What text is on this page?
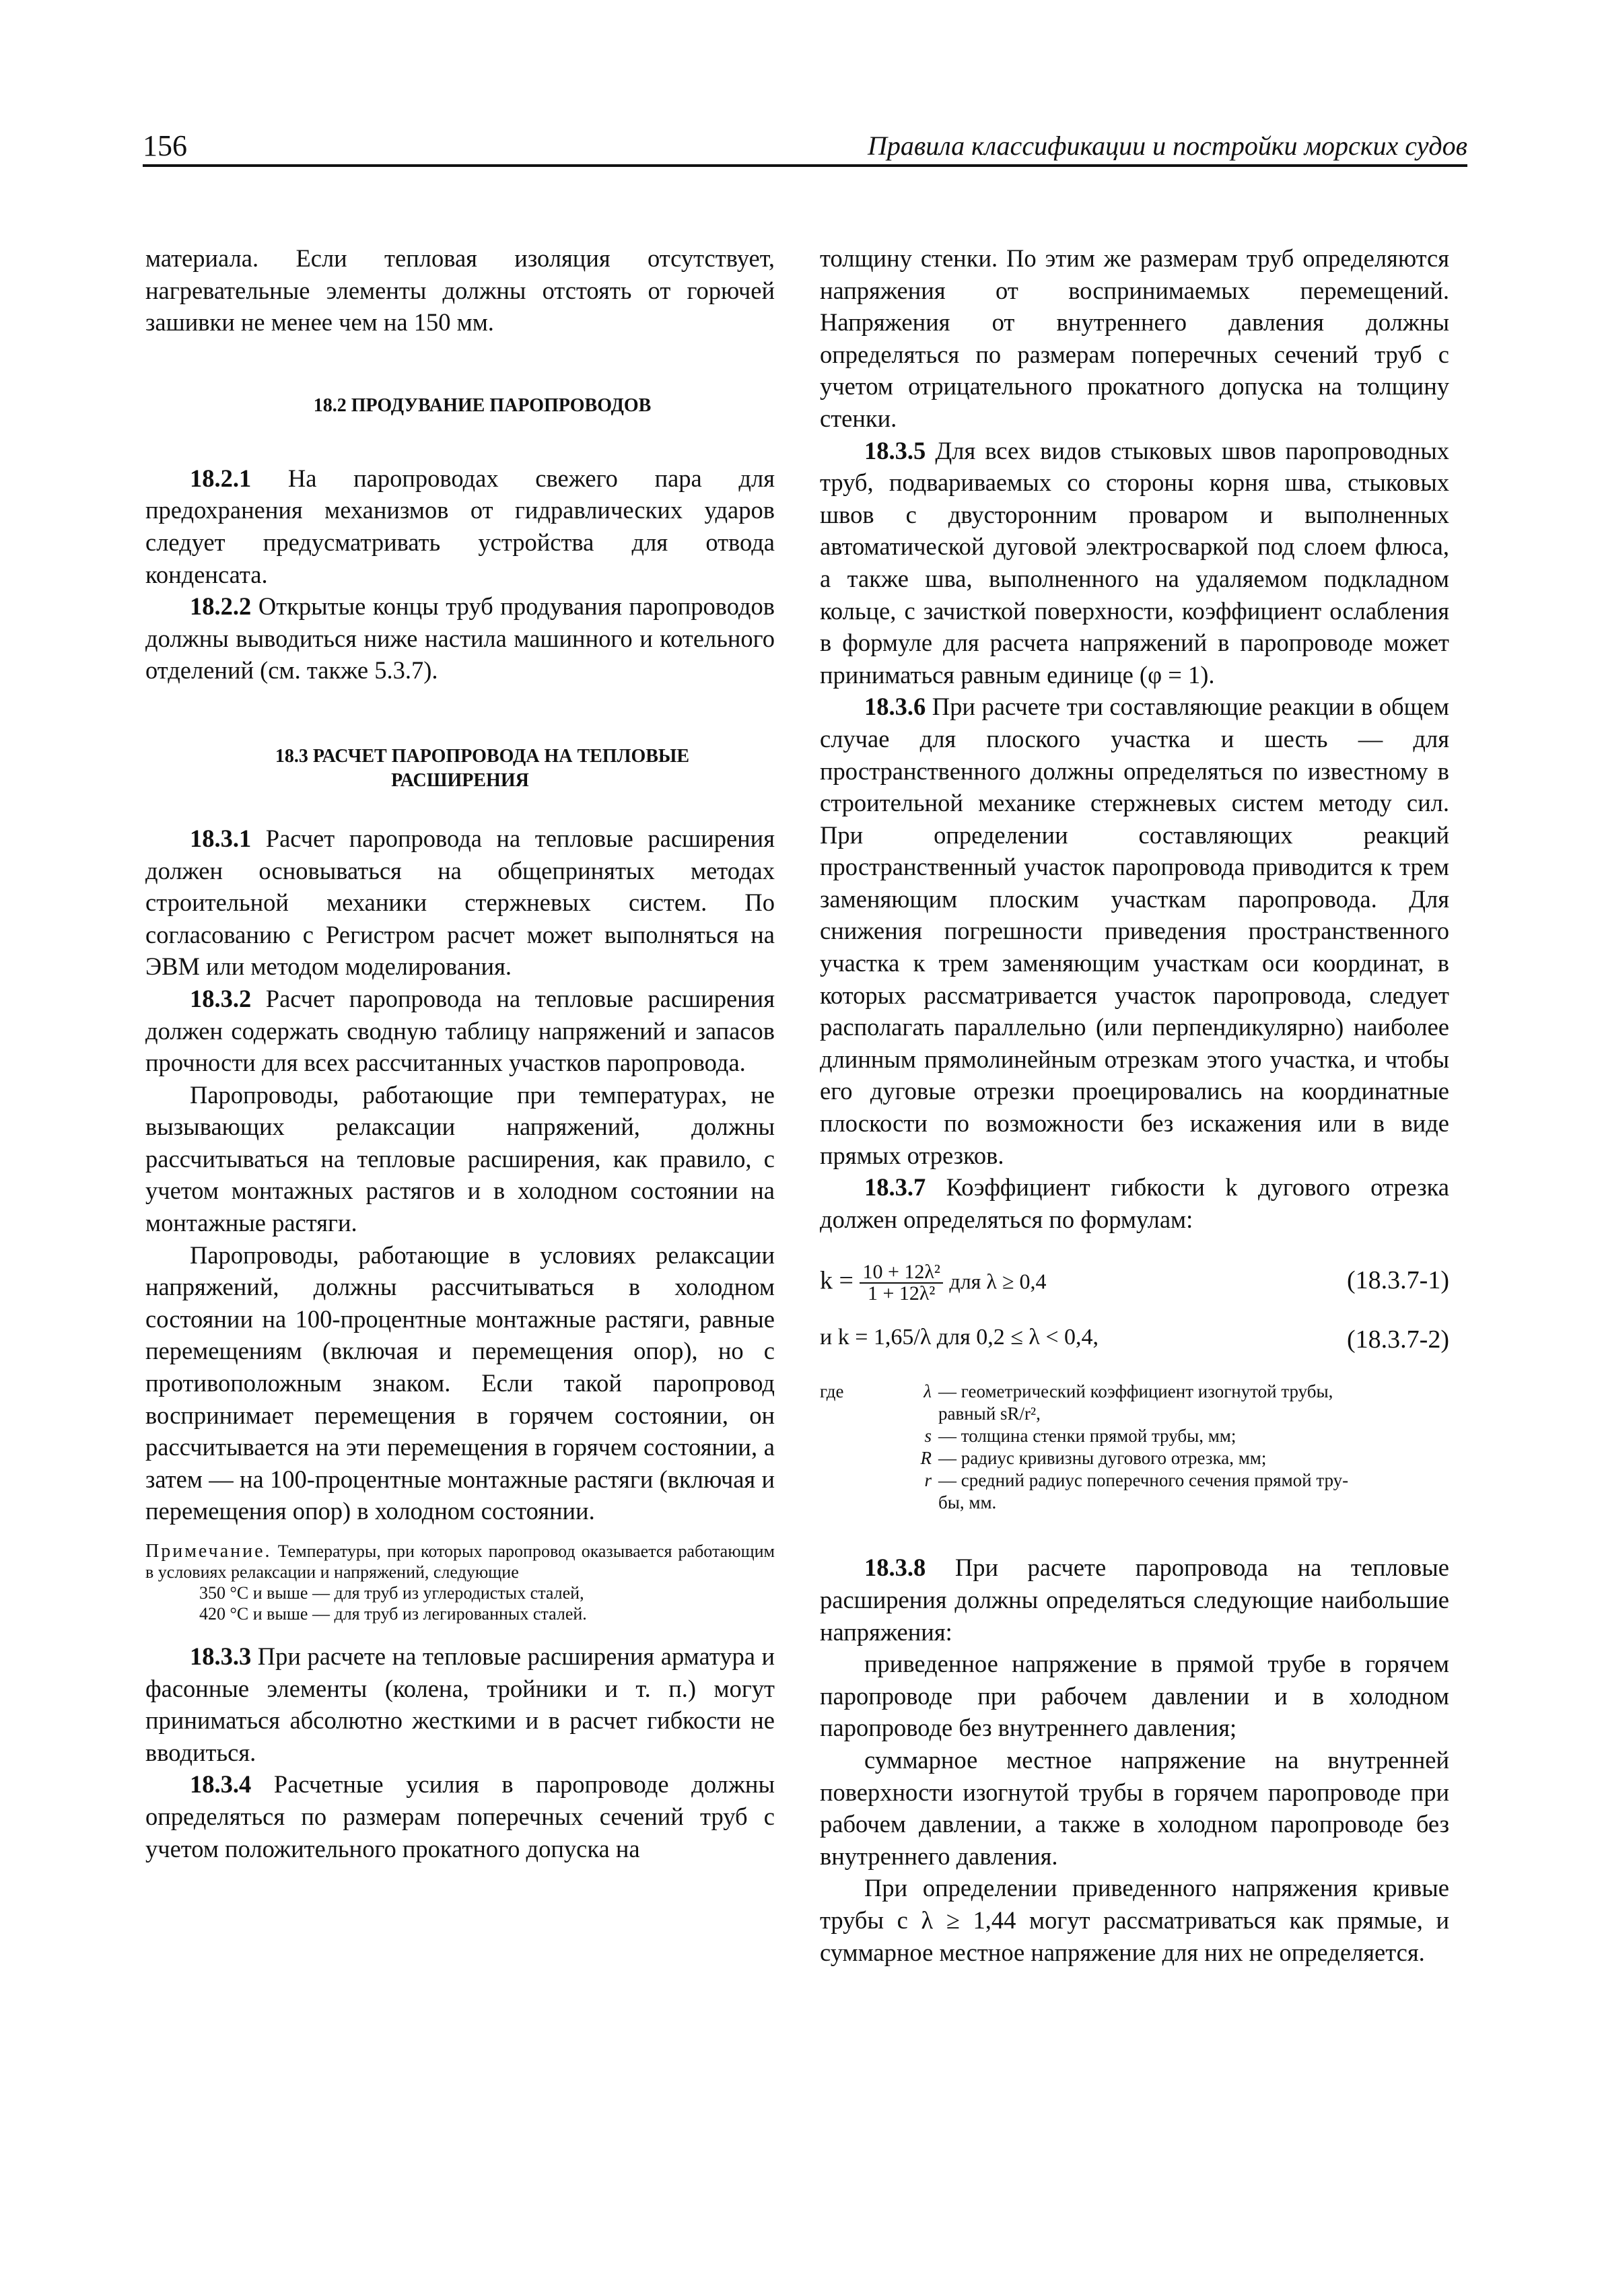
156	Правила классификации и постройки морских судов

материала. Если тепловая изоляция отсутствует, нагревательные элементы должны отстоять от горючей зашивки не менее чем на 150 мм.

18.2 ПРОДУВАНИЕ ПАРОПРОВОДОВ

18.2.1 На паропроводах свежего пара для предохранения механизмов от гидравлических ударов следует предусматривать устройства для отвода конденсата.

18.2.2 Открытые концы труб продувания паропроводов должны выводиться ниже настила машинного и котельного отделений (см. также 5.3.7).

18.3 РАСЧЕТ ПАРОПРОВОДА НА ТЕПЛОВЫЕ
РАСШИРЕНИЯ

18.3.1 Расчет паропровода на тепловые расширения должен основываться на общепринятых методах строительной механики стержневых систем. По согласованию с Регистром расчет может выполняться на ЭВМ или методом моделирования.

18.3.2 Расчет паропровода на тепловые расширения должен содержать сводную таблицу напряжений и запасов прочности для всех рассчитанных участков паропровода.

Паропроводы, работающие при температурах, не вызывающих релаксации напряжений, должны рассчитываться на тепловые расширения, как правило, с учетом монтажных растягов и в холодном состоянии на монтажные растяги.

Паропроводы, работающие в условиях релаксации напряжений, должны рассчитываться в холодном состоянии на 100-процентные монтажные растяги, равные перемещениям (включая и перемещения опор), но с противоположным знаком. Если такой паропровод воспринимает перемещения в горячем состоянии, он рассчитывается на эти перемещения в горячем состоянии, а затем — на 100-процентные монтажные растяги (включая и перемещения опор) в холодном состоянии.

Примечание. Температуры, при которых паропровод оказывается работающим в условиях релаксации и напряжений, следующие
350 °С и выше — для труб из углеродистых сталей,
420 °С и выше — для труб из легированных сталей.

18.3.3 При расчете на тепловые расширения арматура и фасонные элементы (колена, тройники и т. п.) могут приниматься абсолютно жесткими и в расчет гибкости не вводиться.

18.3.4 Расчетные усилия в паропроводе должны определяться по размерам поперечных сечений труб с учетом положительного прокатного допуска на

толщину стенки. По этим же размерам труб определяются напряжения от воспринимаемых перемещений. Напряжения от внутреннего давления должны определяться по размерам поперечных сечений труб с учетом отрицательного прокатного допуска на толщину стенки.

18.3.5 Для всех видов стыковых швов паропроводных труб, подвариваемых со стороны корня шва, стыковых швов с двусторонним проваром и выполненных автоматической дуговой электросваркой под слоем флюса, а также шва, выполненного на удаляемом подкладном кольце, с зачисткой поверхности, коэффициент ослабления в формуле для расчета напряжений в паропроводе может приниматься равным единице (φ = 1).

18.3.6 При расчете три составляющие реакции в общем случае для плоского участка и шесть — для пространственного должны определяться по известному в строительной механике стержневых систем методу сил. При определении составляющих реакций пространственный участок паропровода приводится к трем заменяющим плоским участкам паропровода. Для снижения погрешности приведения пространственного участка к трем заменяющим участкам оси координат, в которых рассматривается участок паропровода, следует располагать параллельно (или перпендикулярно) наиболее длинным прямолинейным отрезкам этого участка, и чтобы его дуговые отрезки проецировались на координатные плоскости по возможности без искажения или в виде прямых отрезков.

18.3.7 Коэффициент гибкости k дугового отрезка должен определяться по формулам:

$k = \frac{\text{10 + 12λ²}}{\text{1 + 12λ²}}$ для λ ≥ 0,4	(18.3.7-1)
и k = 1,65/λ для 0,2 ≤ λ < 0,4,	(18.3.7-2)
где	λ — геометрический коэффициент изогнутой трубы,
равный sR/r²,
s — толщина стенки прямой трубы, мм;
R — радиус кривизны дугового отрезка, мм;
r — средний радиус поперечного сечения прямой тру-
бы, мм.

18.3.8 При расчете паропровода на тепловые расширения должны определяться следующие наибольшие напряжения:

приведенное напряжение в прямой трубе в горячем паропроводе при рабочем давлении и в холодном паропроводе без внутреннего давления;

суммарное местное напряжение на внутренней поверхности изогнутой трубы в горячем паропроводе при рабочем давлении, а также в холодном паропроводе без внутреннего давления.

При определении приведенного напряжения кривые трубы с λ ≥ 1,44 могут рассматриваться как прямые, и суммарное местное напряжение для них не определяется.
